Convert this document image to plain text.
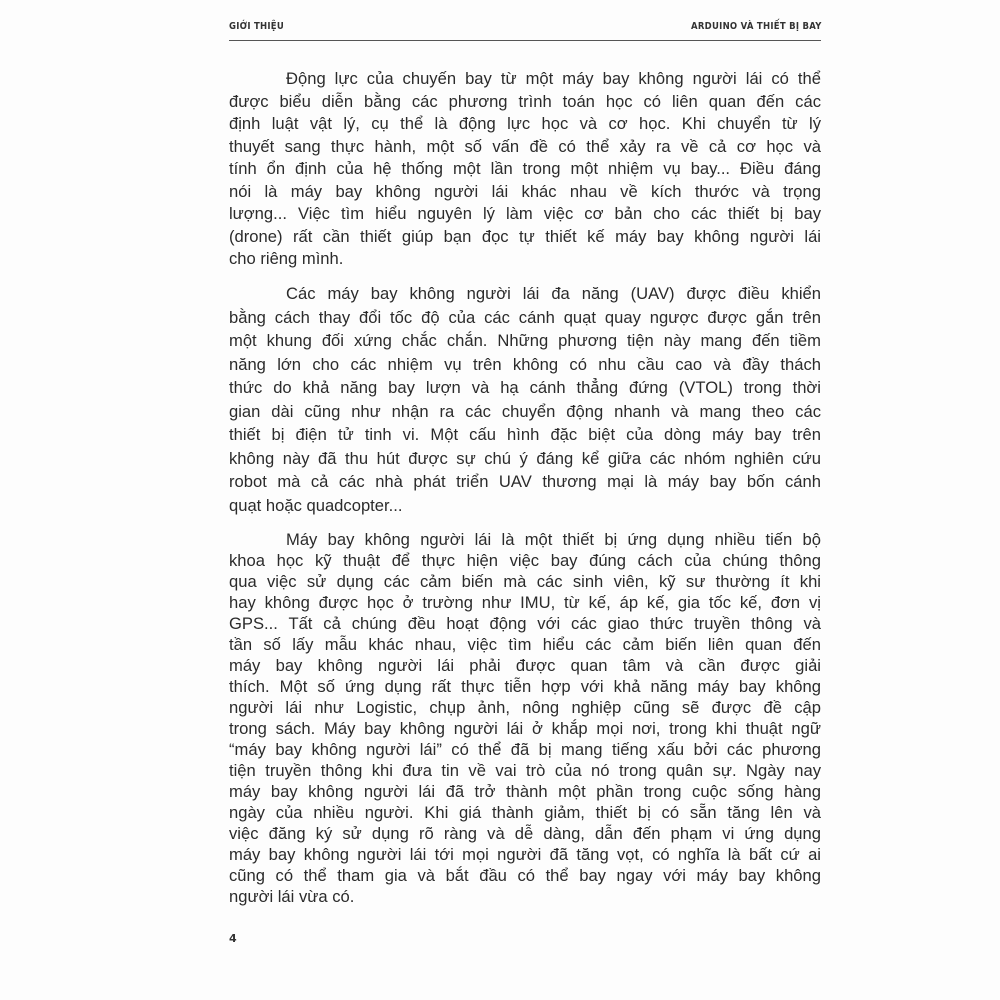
GIỚI THIỆU	ARDUINO VÀ THIẾT BỊ BAY
Động lực của chuyến bay từ một máy bay không người lái có thể
được biểu diễn bằng các phương trình toán học có liên quan đến các
định luật vật lý, cụ thể là động lực học và cơ học. Khi chuyển từ lý
thuyết sang thực hành, một số vấn đề có thể xảy ra về cả cơ học và
tính ổn định của hệ thống một lần trong một nhiệm vụ bay... Điều đáng
nói là máy bay không người lái khác nhau về kích thước và trọng
lượng... Việc tìm hiểu nguyên lý làm việc cơ bản cho các thiết bị bay
(drone) rất cần thiết giúp bạn đọc tự thiết kế máy bay không người lái
cho riêng mình.
Các máy bay không người lái đa năng (UAV) được điều khiển
bằng cách thay đổi tốc độ của các cánh quạt quay ngược được gắn trên
một khung đối xứng chắc chắn. Những phương tiện này mang đến tiềm
năng lớn cho các nhiệm vụ trên không có nhu cầu cao và đầy thách
thức do khả năng bay lượn và hạ cánh thẳng đứng (VTOL) trong thời
gian dài cũng như nhận ra các chuyển động nhanh và mang theo các
thiết bị điện tử tinh vi. Một cấu hình đặc biệt của dòng máy bay trên
không này đã thu hút được sự chú ý đáng kể giữa các nhóm nghiên cứu
robot mà cả các nhà phát triển UAV thương mại là máy bay bốn cánh
quạt hoặc quadcopter...
Máy bay không người lái là một thiết bị ứng dụng nhiều tiến bộ
khoa học kỹ thuật để thực hiện việc bay đúng cách của chúng thông
qua việc sử dụng các cảm biến mà các sinh viên, kỹ sư thường ít khi
hay không được học ở trường như IMU, từ kế, áp kế, gia tốc kế, đơn vị
GPS... Tất cả chúng đều hoạt động với các giao thức truyền thông và
tần số lấy mẫu khác nhau, việc tìm hiểu các cảm biến liên quan đến
máy bay không người lái phải được quan tâm và cần được giải
thích. Một số ứng dụng rất thực tiễn hợp với khả năng máy bay không
người lái như Logistic, chụp ảnh, nông nghiệp cũng sẽ được đề cập
trong sách. Máy bay không người lái ở khắp mọi nơi, trong khi thuật ngữ
“máy bay không người lái” có thể đã bị mang tiếng xấu bởi các phương
tiện truyền thông khi đưa tin về vai trò của nó trong quân sự. Ngày nay
máy bay không người lái đã trở thành một phần trong cuộc sống hàng
ngày của nhiều người. Khi giá thành giảm, thiết bị có sẵn tăng lên và
việc đăng ký sử dụng rõ ràng và dễ dàng, dẫn đến phạm vi ứng dụng
máy bay không người lái tới mọi người đã tăng vọt, có nghĩa là bất cứ ai
cũng có thể tham gia và bắt đầu có thể bay ngay với máy bay không
người lái vừa có.
4
